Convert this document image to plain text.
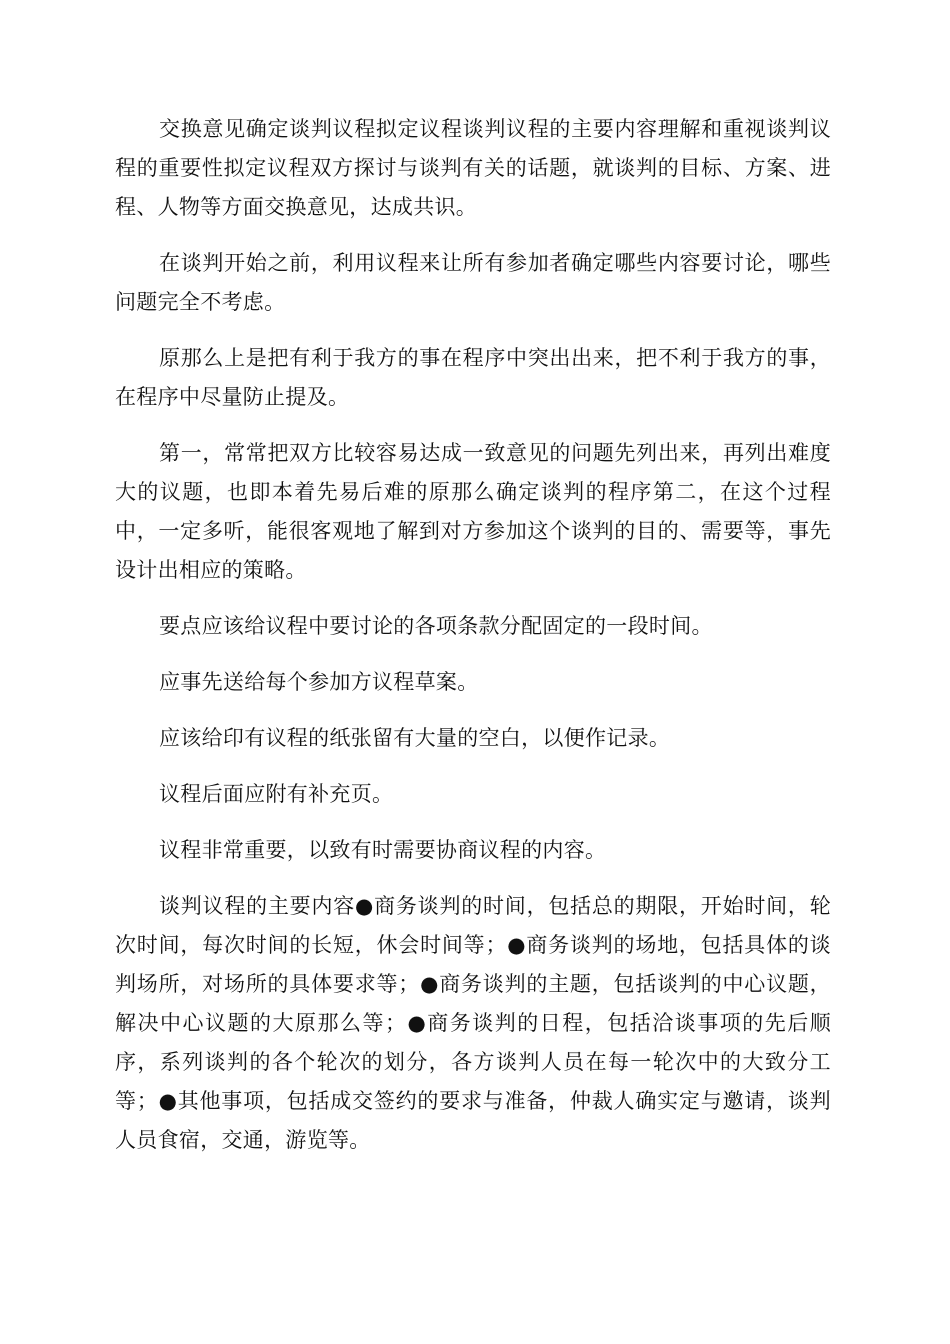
交换意见确定谈判议程拟定议程谈判议程的主要内容理解和重视谈判议程的重要性拟定议程双方探讨与谈判有关的话题，就谈判的目标、方案、进程、人物等方面交换意见，达成共识。

在谈判开始之前，利用议程来让所有参加者确定哪些内容要讨论，哪些问题完全不考虑。

原那么上是把有利于我方的事在程序中突出出来，把不利于我方的事，在程序中尽量防止提及。

第一，常常把双方比较容易达成一致意见的问题先列出来，再列出难度大的议题，也即本着先易后难的原那么确定谈判的程序第二，在这个过程中，一定多听，能很客观地了解到对方参加这个谈判的目的、需要等，事先设计出相应的策略。

要点应该给议程中要讨论的各项条款分配固定的一段时间。

应事先送给每个参加方议程草案。

应该给印有议程的纸张留有大量的空白，以便作记录。

议程后面应附有补充页。

议程非常重要，以致有时需要协商议程的内容。

谈判议程的主要内容●商务谈判的时间，包括总的期限，开始时间，轮次时间，每次时间的长短，休会时间等；●商务谈判的场地，包括具体的谈判场所，对场所的具体要求等；●商务谈判的主题，包括谈判的中心议题，解决中心议题的大原那么等；●商务谈判的日程，包括洽谈事项的先后顺序，系列谈判的各个轮次的划分，各方谈判人员在每一轮次中的大致分工等；●其他事项，包括成交签约的要求与准备，仲裁人确实定与邀请，谈判人员食宿，交通，游览等。
